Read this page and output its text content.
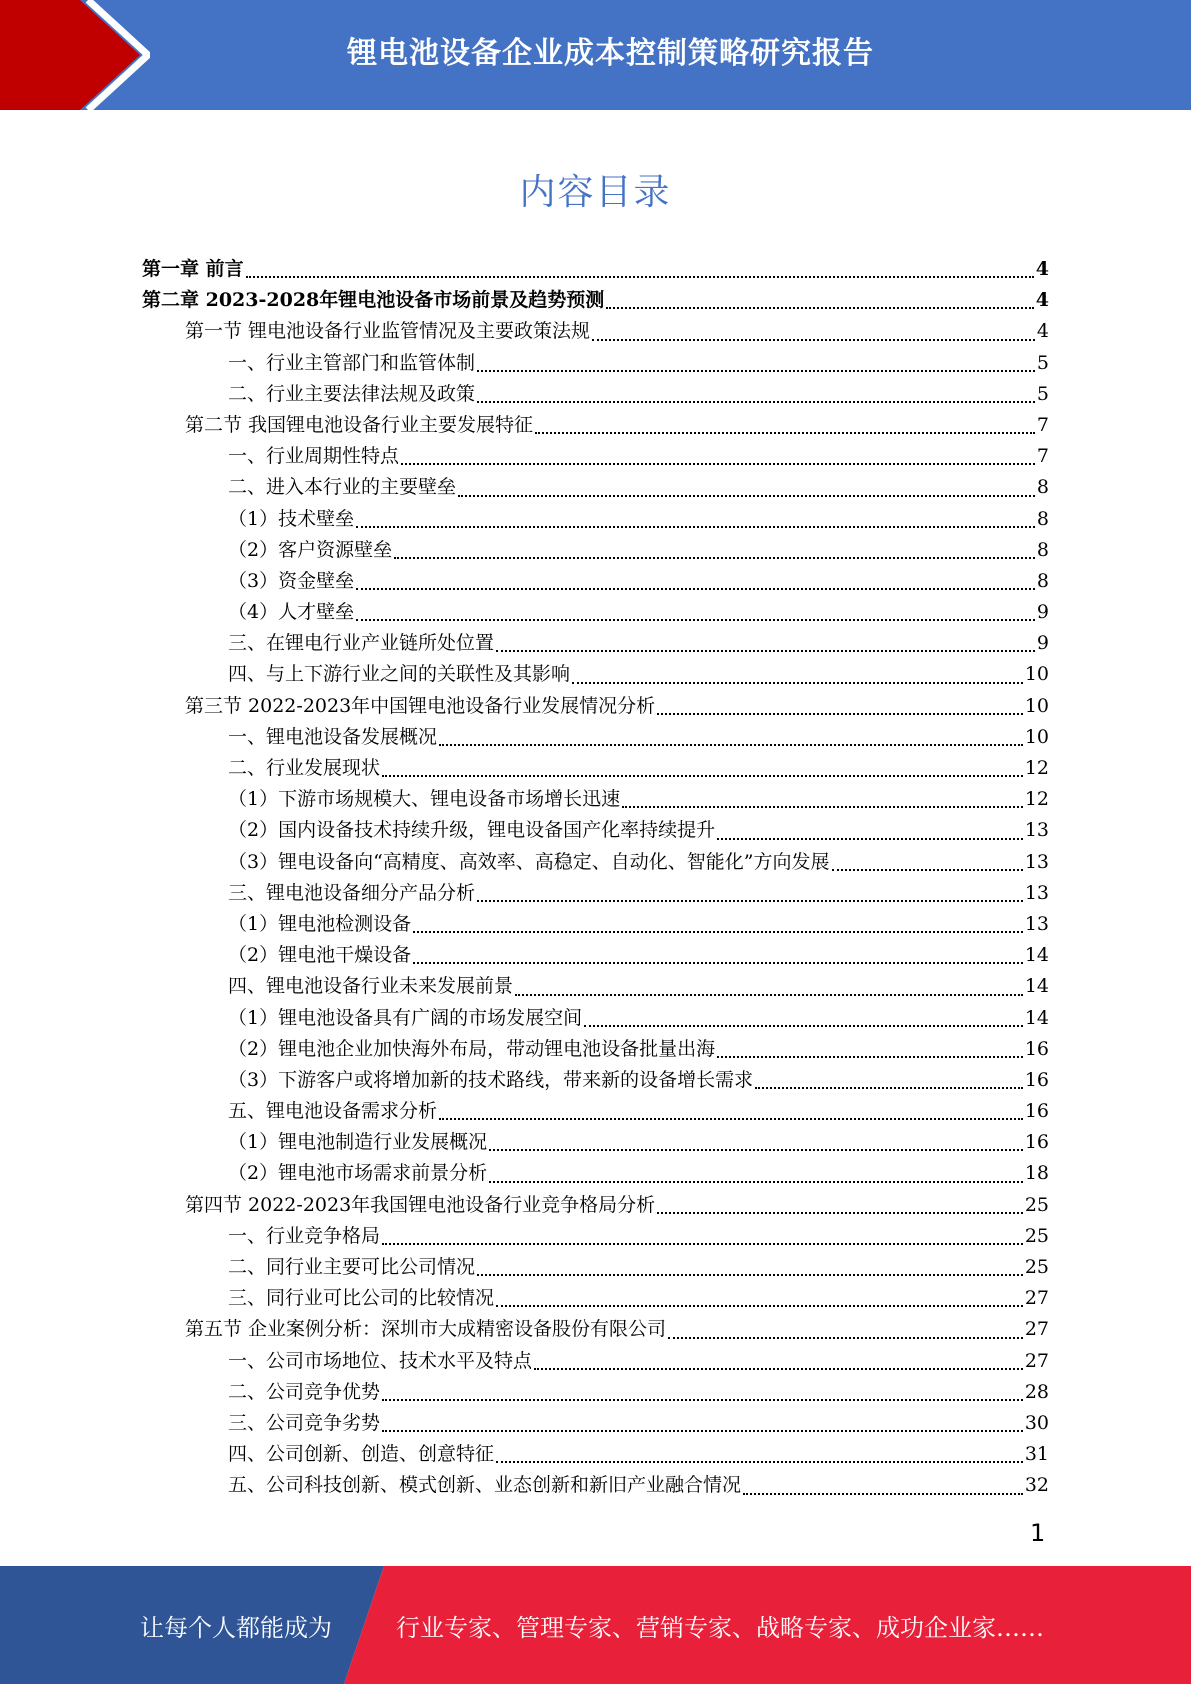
锂电池设备企业成本控制策略研究报告
内容目录
第一章 前言	4
第二章 2023-2028年锂电池设备市场前景及趋势预测	4
第一节 锂电池设备行业监管情况及主要政策法规	4
一、行业主管部门和监管体制	5
二、行业主要法律法规及政策	5
第二节 我国锂电池设备行业主要发展特征	7
一、行业周期性特点	7
二、进入本行业的主要壁垒	8
（1）技术壁垒	8
（2）客户资源壁垒	8
（3）资金壁垒	8
（4）人才壁垒	9
三、在锂电行业产业链所处位置	9
四、与上下游行业之间的关联性及其影响	10
第三节 2022-2023年中国锂电池设备行业发展情况分析	10
一、锂电池设备发展概况	10
二、行业发展现状	12
（1）下游市场规模大、锂电设备市场增长迅速	12
（2）国内设备技术持续升级，锂电设备国产化率持续提升	13
（3）锂电设备向“高精度、高效率、高稳定、自动化、智能化”方向发展	13
三、锂电池设备细分产品分析	13
（1）锂电池检测设备	13
（2）锂电池干燥设备	14
四、锂电池设备行业未来发展前景	14
（1）锂电池设备具有广阔的市场发展空间	14
（2）锂电池企业加快海外布局，带动锂电池设备批量出海	16
（3）下游客户或将增加新的技术路线，带来新的设备增长需求	16
五、锂电池设备需求分析	16
（1）锂电池制造行业发展概况	16
（2）锂电池市场需求前景分析	18
第四节 2022-2023年我国锂电池设备行业竞争格局分析	25
一、行业竞争格局	25
二、同行业主要可比公司情况	25
三、同行业可比公司的比较情况	27
第五节 企业案例分析：深圳市大成精密设备股份有限公司	27
一、公司市场地位、技术水平及特点	27
二、公司竞争优势	28
三、公司竞争劣势	30
四、公司创新、创造、创意特征	31
五、公司科技创新、模式创新、业态创新和新旧产业融合情况	32
1
让每个人都能成为	行业专家、管理专家、营销专家、战略专家、成功企业家……
